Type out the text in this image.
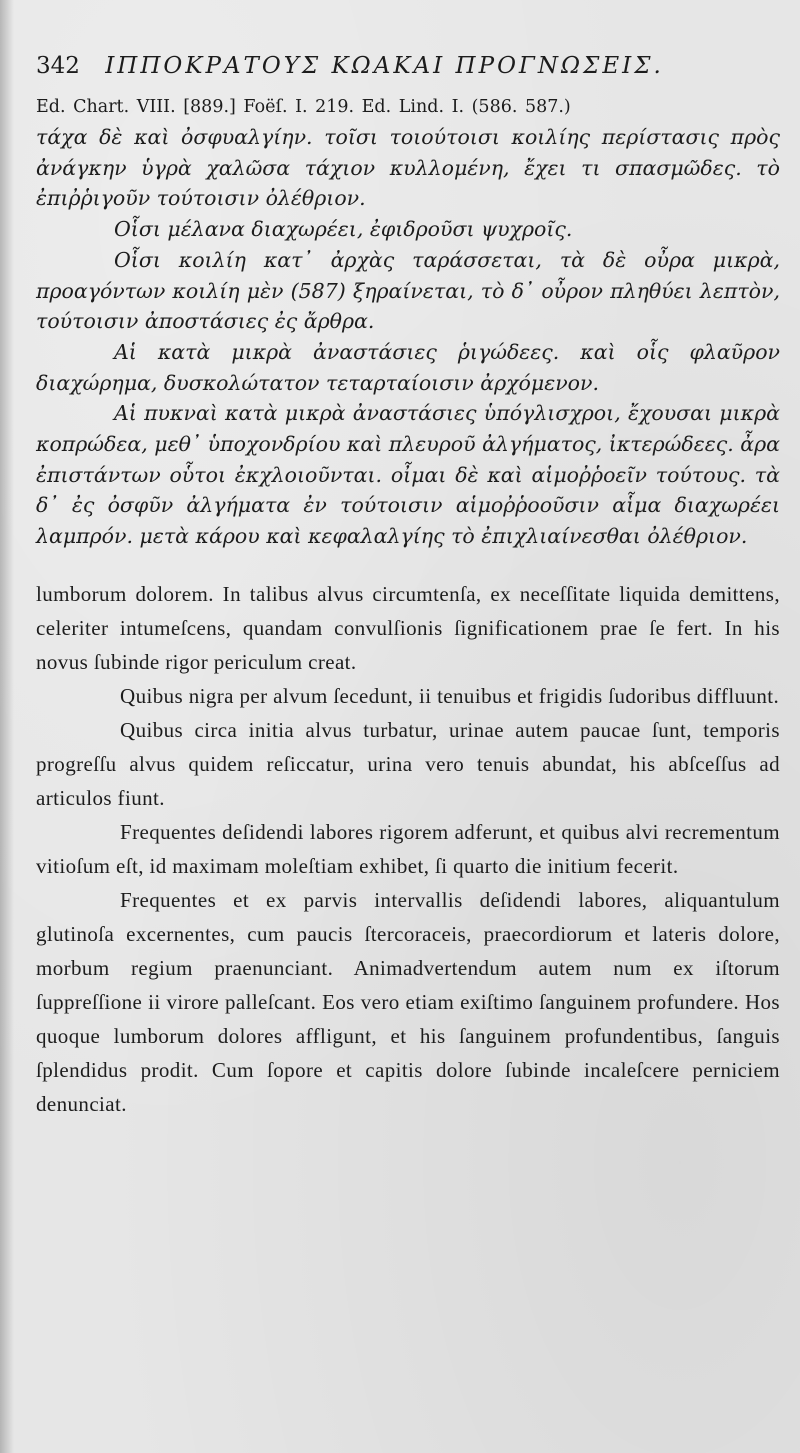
342 ΙΠΠΟΚΡΑΤΟΥΣ ΚΩΑΚΑΙ ΠΡΟΓΝΩΣΕΙΣ.
Ed. Chart. VIII. [889.] Foëſ. I. 219. Ed. Lind. I. (586. 587.)

τάχα δὲ καὶ ὀσφυαλγίην. τοῖσι τοιούτοισι κοιλίης περίστασις πρὸς ἀνάγκην ὑγρὰ χαλῶσα τάχιον κυλλομένη, ἔχει τι σπασμῶδες. τὸ ἐπιῤῥιγοῦν τούτοισιν ὀλέθριον.

Οἷσι μέλανα διαχωρέει, ἐφιδροῦσι ψυχροῖς.

Οἷσι κοιλίη κατ᾽ ἀρχὰς ταράσσεται, τὰ δὲ οὖρα μικρὰ, προαγόντων κοιλίη μὲν (587) ξηραίνεται, τὸ δ᾽ οὖρον πληθύει λεπτὸν, τούτοισιν ἀποστάσιες ἐς ἄρθρα.

Αἱ κατὰ μικρὰ ἀναστάσιες ῥιγώδεες. καὶ οἷς φλαῦρον διαχώρημα, δυσκολώτατον τεταρταίοισιν ἀρχόμενον.

Αἱ πυκναὶ κατὰ μικρὰ ἀναστάσιες ὑπόγλισχροι, ἔχουσαι μικρὰ κοπρώδεα, μεθ᾽ ὑποχονδρίου καὶ πλευροῦ ἀλγήματος, ἰκτερώδεες. ἆρα ἐπιστάντων οὗτοι ἐκχλοιοῦνται. οἶμαι δὲ καὶ αἱμοῤῥοεῖν τούτους. τὰ δ᾽ ἐς ὀσφῦν ἀλγήματα ἐν τούτοισιν αἱμοῤῥοοῦσιν αἷμα διαχωρέει λαμπρόν. μετὰ κάρου καὶ κεφαλαλγίης τὸ ἐπιχλιαίνεσθαι ὀλέθριον.

lumborum dolorem. In talibus alvus circumtenſa, ex neceſſitate liquida demittens, celeriter intumeſcens, quandam convulſionis ſignificationem prae ſe fert. In his novus ſubinde rigor periculum creat.

Quibus nigra per alvum ſecedunt, ii tenuibus et frigidis ſudoribus diffluunt.

Quibus circa initia alvus turbatur, urinae autem paucae ſunt, temporis progreſſu alvus quidem reſiccatur, urina vero tenuis abundat, his abſceſſus ad articulos fiunt.

Frequentes deſidendi labores rigorem adferunt, et quibus alvi recrementum vitioſum eſt, id maximam moleſtiam exhibet, ſi quarto die initium fecerit.

Frequentes et ex parvis intervallis deſidendi labores, aliquantulum glutinoſa excernentes, cum paucis ſtercoraceis, praecordiorum et lateris dolore, morbum regium praenunciant. Animadvertendum autem num ex iſtorum ſuppreſſione ii virore palleſcant. Eos vero etiam exiſtimo ſanguinem profundere. Hos quoque lumborum dolores affligunt, et his ſanguinem profundentibus, ſanguis ſplendidus prodit. Cum ſopore et capitis dolore ſubinde incaleſcere perniciem denunciat.
